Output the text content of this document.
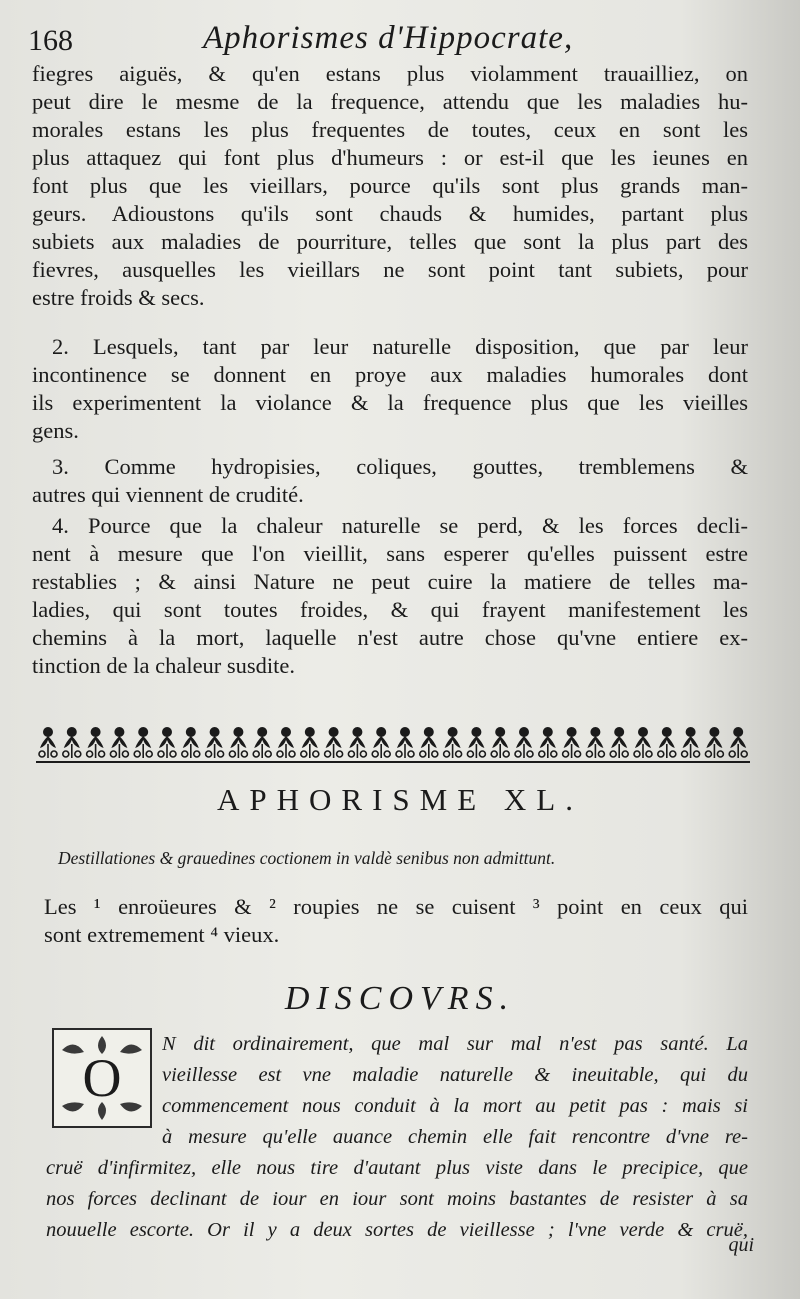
168	Aphorismes d'Hippocrate,
fiegres aiguës, & qu'en estans plus violamment trauailliez, on
peut dire le mesme de la frequence, attendu que les maladies hu-
morales estans les plus frequentes de toutes, ceux en sont les
plus attaquez qui font plus d'humeurs : or est-il que les ieunes en
font plus que les vieillars, pource qu'ils sont plus grands man-
geurs. Adioustons qu'ils sont chauds & humides, partant plus
subiets aux maladies de pourriture, telles que sont la plus part des
fievres, ausquelles les vieillars ne sont point tant subiets, pour
estre froids & secs.
2. Lesquels, tant par leur naturelle disposition, que par leur
incontinence se donnent en proye aux maladies humorales dont
ils experimentent la violance & la frequence plus que les vieilles
gens.
3. Comme hydropisies, coliques, gouttes, tremblemens &
autres qui viennent de crudité.
4. Pource que la chaleur naturelle se perd, & les forces decli-
nent à mesure que l'on vieillit, sans esperer qu'elles puissent estre
restablies ; & ainsi Nature ne peut cuire la matiere de telles ma-
ladies, qui sont toutes froides, & qui frayent manifestement les
chemins à la mort, laquelle n'est autre chose qu'vne entiere ex-
tinction de la chaleur susdite.
APHORISME XL.
Destillationes & grauedines coctionem in valdè senibus non admittunt.
Les ¹ enroüeures & ² roupies ne se cuisent ³ point en ceux qui
sont extremement ⁴ vieux.
DISCOVRS.
O
N dit ordinairement, que mal sur mal n'est pas santé. La
vieillesse est vne maladie naturelle & ineuitable, qui du
commencement nous conduit à la mort au petit pas : mais si
à mesure qu'elle auance chemin elle fait rencontre d'vne re-
cruë d'infirmitez, elle nous tire d'autant plus viste dans le precipice, que
nos forces declinant de iour en iour sont moins bastantes de resister à sa
nouuelle escorte. Or il y a deux sortes de vieillesse ; l'vne verde & cruë,
qui
